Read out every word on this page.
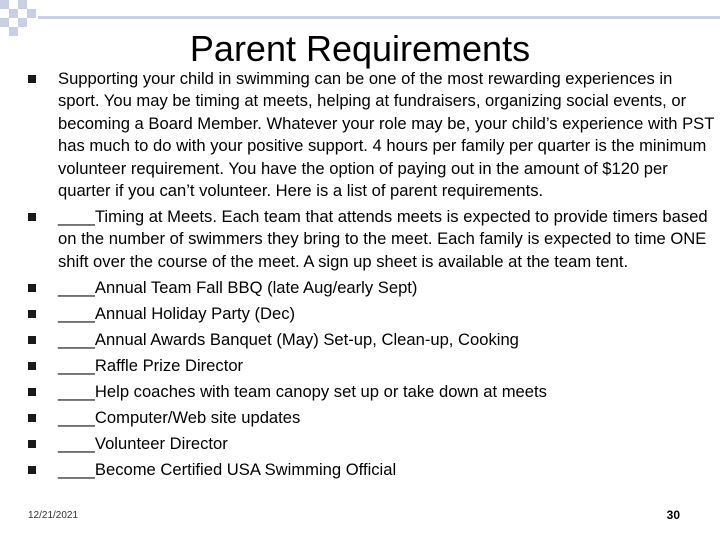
Parent Requirements
Supporting your child in swimming can be one of the most rewarding experiences in sport. You may be timing at meets, helping at fundraisers, organizing social events, or becoming a Board Member. Whatever your role may be, your child’s experience with PST has much to do with your positive support. 4 hours per family per quarter is the minimum volunteer requirement. You have the option of paying out in the amount of $120 per quarter if you can’t volunteer. Here is a list of parent requirements.
____Timing at Meets. Each team that attends meets is expected to provide timers based on the number of swimmers they bring to the meet. Each family is expected to time ONE shift over the course of the meet. A sign up sheet is available at the team tent.
____Annual Team Fall BBQ (late Aug/early Sept)
____Annual Holiday Party (Dec)
____Annual Awards Banquet (May) Set-up, Clean-up, Cooking
____Raffle Prize Director
____Help coaches with team canopy set up or take down at meets
____Computer/Web site updates
____Volunteer Director
____Become Certified USA Swimming Official
12/21/2021	30
